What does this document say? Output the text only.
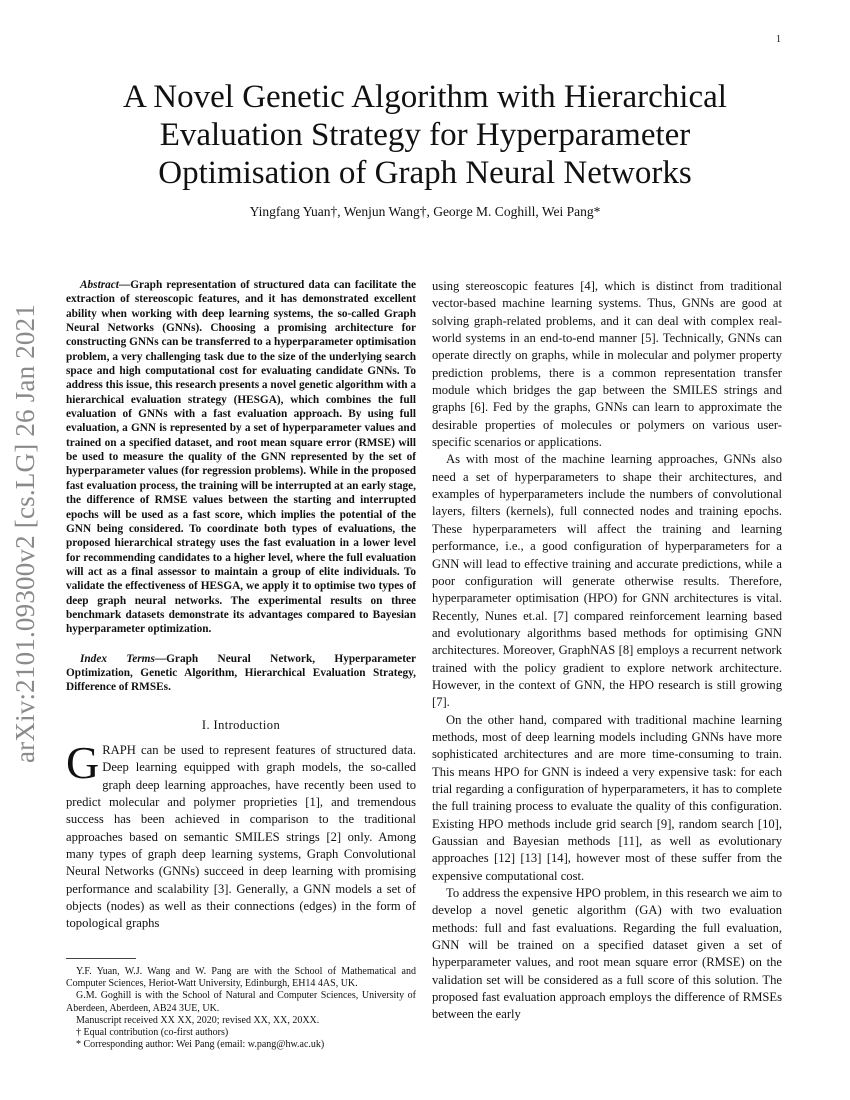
1
arXiv:2101.09300v2 [cs.LG] 26 Jan 2021
A Novel Genetic Algorithm with Hierarchical Evaluation Strategy for Hyperparameter Optimisation of Graph Neural Networks
Yingfang Yuan†, Wenjun Wang†, George M. Coghill, Wei Pang*

Abstract—Graph representation of structured data can facilitate the extraction of stereoscopic features, and it has demonstrated excellent ability when working with deep learning systems, the so-called Graph Neural Networks (GNNs). Choosing a promising architecture for constructing GNNs can be transferred to a hyperparameter optimisation problem, a very challenging task due to the size of the underlying search space and high computational cost for evaluating candidate GNNs. To address this issue, this research presents a novel genetic algorithm with a hierarchical evaluation strategy (HESGA), which combines the full evaluation of GNNs with a fast evaluation approach. By using full evaluation, a GNN is represented by a set of hyperparameter values and trained on a specified dataset, and root mean square error (RMSE) will be used to measure the quality of the GNN represented by the set of hyperparameter values (for regression problems). While in the proposed fast evaluation process, the training will be interrupted at an early stage, the difference of RMSE values between the starting and interrupted epochs will be used as a fast score, which implies the potential of the GNN being considered. To coordinate both types of evaluations, the proposed hierarchical strategy uses the fast evaluation in a lower level for recommending candidates to a higher level, where the full evaluation will act as a final assessor to maintain a group of elite individuals. To validate the effectiveness of HESGA, we apply it to optimise two types of deep graph neural networks. The experimental results on three benchmark datasets demonstrate its advantages compared to Bayesian hyperparameter optimization.

Index Terms—Graph Neural Network, Hyperparameter Optimization, Genetic Algorithm, Hierarchical Evaluation Strategy, Difference of RMSEs.

I. Introduction

GRAPH can be used to represent features of structured data. Deep learning equipped with graph models, the so-called graph deep learning approaches, have recently been used to predict molecular and polymer proprieties [1], and tremendous success has been achieved in comparison to the traditional approaches based on semantic SMILES strings [2] only. Among many types of graph deep learning systems, Graph Convolutional Neural Networks (GNNs) succeed in deep learning with promising performance and scalability [3]. Generally, a GNN models a set of objects (nodes) as well as their connections (edges) in the form of topological graphs

Y.F. Yuan, W.J. Wang and W. Pang are with the School of Mathematical and Computer Sciences, Heriot-Watt University, Edinburgh, EH14 4AS, UK.

G.M. Goghill is with the School of Natural and Computer Sciences, University of Aberdeen, Aberdeen, AB24 3UE, UK.

Manuscript received XX XX, 2020; revised XX, XX, 20XX.

† Equal contribution (co-first authors)

* Corresponding author: Wei Pang (email: w.pang@hw.ac.uk)

using stereoscopic features [4], which is distinct from traditional vector-based machine learning systems. Thus, GNNs are good at solving graph-related problems, and it can deal with complex real-world systems in an end-to-end manner [5]. Technically, GNNs can operate directly on graphs, while in molecular and polymer property prediction problems, there is a common representation transfer module which bridges the gap between the SMILES strings and graphs [6]. Fed by the graphs, GNNs can learn to approximate the desirable properties of molecules or polymers on various user-specific scenarios or applications.

As with most of the machine learning approaches, GNNs also need a set of hyperparameters to shape their architectures, and examples of hyperparameters include the numbers of convolutional layers, filters (kernels), full connected nodes and training epochs. These hyperparameters will affect the training and learning performance, i.e., a good configuration of hyperparameters for a GNN will lead to effective training and accurate predictions, while a poor configuration will generate otherwise results. Therefore, hyperparameter optimisation (HPO) for GNN architectures is vital. Recently, Nunes et.al. [7] compared reinforcement learning based and evolutionary algorithms based methods for optimising GNN architectures. Moreover, GraphNAS [8] employs a recurrent network trained with the policy gradient to explore network architecture. However, in the context of GNN, the HPO research is still growing [7].

On the other hand, compared with traditional machine learning methods, most of deep learning models including GNNs have more sophisticated architectures and are more time-consuming to train. This means HPO for GNN is indeed a very expensive task: for each trial regarding a configuration of hyperparameters, it has to complete the full training process to evaluate the quality of this configuration. Existing HPO methods include grid search [9], random search [10], Gaussian and Bayesian methods [11], as well as evolutionary approaches [12] [13] [14], however most of these suffer from the expensive computational cost.

To address the expensive HPO problem, in this research we aim to develop a novel genetic algorithm (GA) with two evaluation methods: full and fast evaluations. Regarding the full evaluation, GNN will be trained on a specified dataset given a set of hyperparameter values, and root mean square error (RMSE) on the validation set will be considered as a full score of this solution. The proposed fast evaluation approach employs the difference of RMSEs between the early
